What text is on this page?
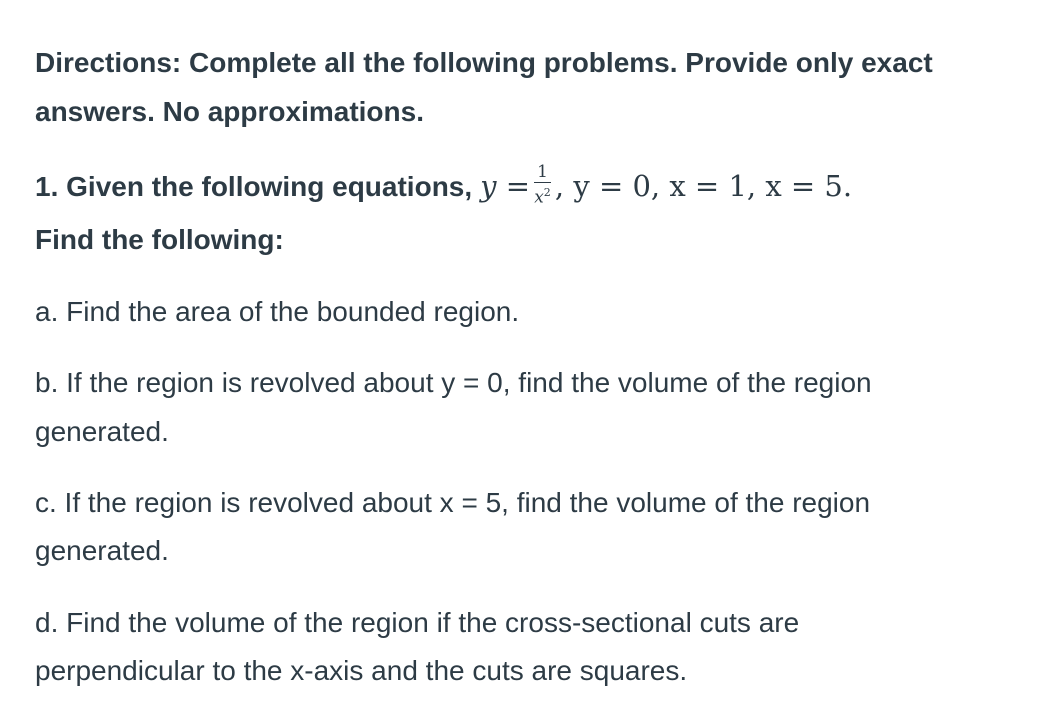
Directions: Complete all the following problems. Provide only exact
answers. No approximations.
1. Given the following equations, $y = \frac{1}{x^2}$ , y = 0, x = 1, x = 5.
Find the following:
a. Find the area of the bounded region.
b. If the region is revolved about y = 0, find the volume of the region
generated.
c. If the region is revolved about x = 5, find the volume of the region
generated.
d. Find the volume of the region if the cross-sectional cuts are
perpendicular to the x-axis and the cuts are squares.
